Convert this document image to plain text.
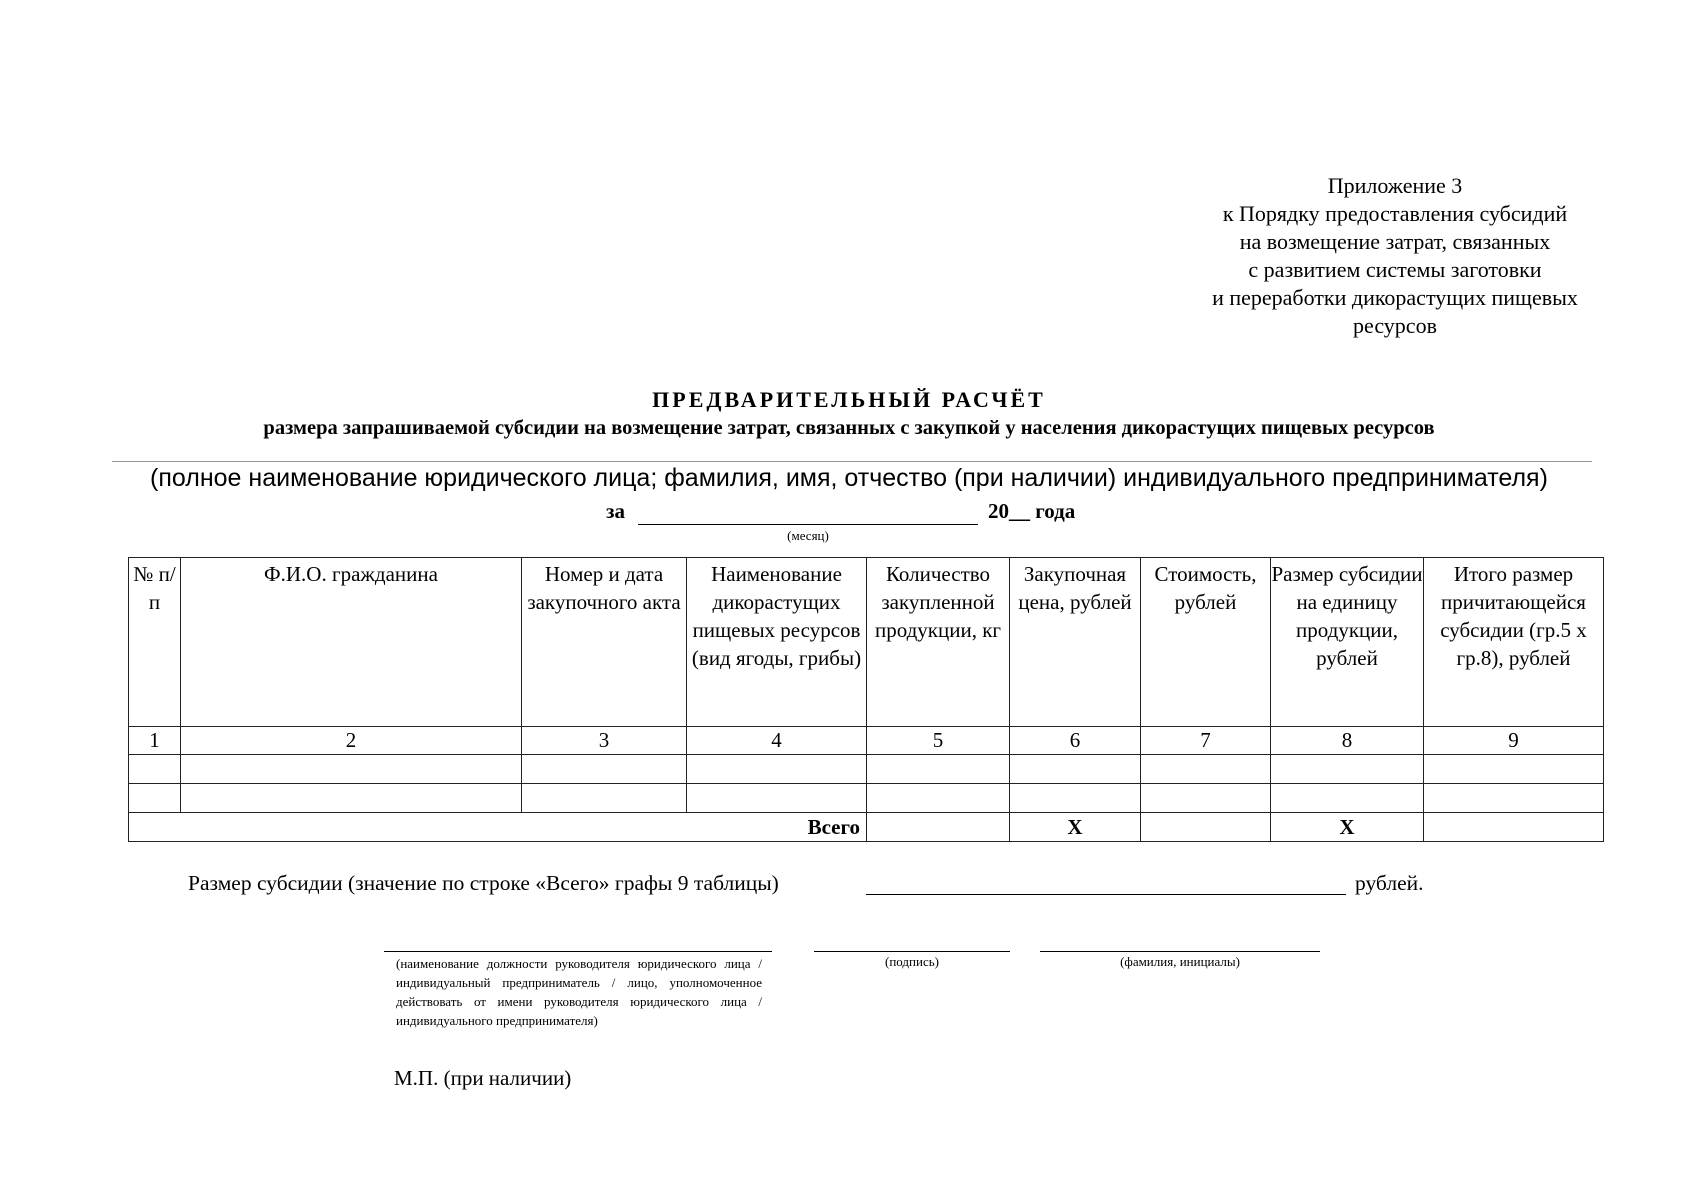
Приложение 3
к Порядку предоставления субсидий
на возмещение затрат, связанных
с развитием системы заготовки
и переработки дикорастущих пищевых
ресурсов
ПРЕДВАРИТЕЛЬНЫЙ РАСЧЁТ
размера запрашиваемой субсидии на возмещение затрат, связанных с закупкой у населения дикорастущих пищевых ресурсов
(полное наименование юридического лица; фамилия, имя, отчество (при наличии) индивидуального предпринимателя)
за	20__ года
(месяц)
№ п/п	Ф.И.О. гражданина	Номер и дата закупочного акта	Наименование дикорастущих пищевых ресурсов (вид ягоды, грибы)	Количество закупленной продукции, кг	Закупочная цена, рублей	Стоимость, рублей	Размер субсидии на единицу продукции, рублей	Итого размер причитающейся субсидии (гр.5 х гр.8), рублей
1	2	3	4	5	6	7	8	9

Всего					Х		Х	
Размер субсидии (значение по строке «Всего» графы 9 таблицы)	рублей.
(наименование должности руководителя юридического лица / индивидуальный предприниматель / лицо, уполномоченное действовать от имени руководителя юридического лица / индивидуального предпринимателя)
(подпись)	(фамилия, инициалы)
М.П. (при наличии)
